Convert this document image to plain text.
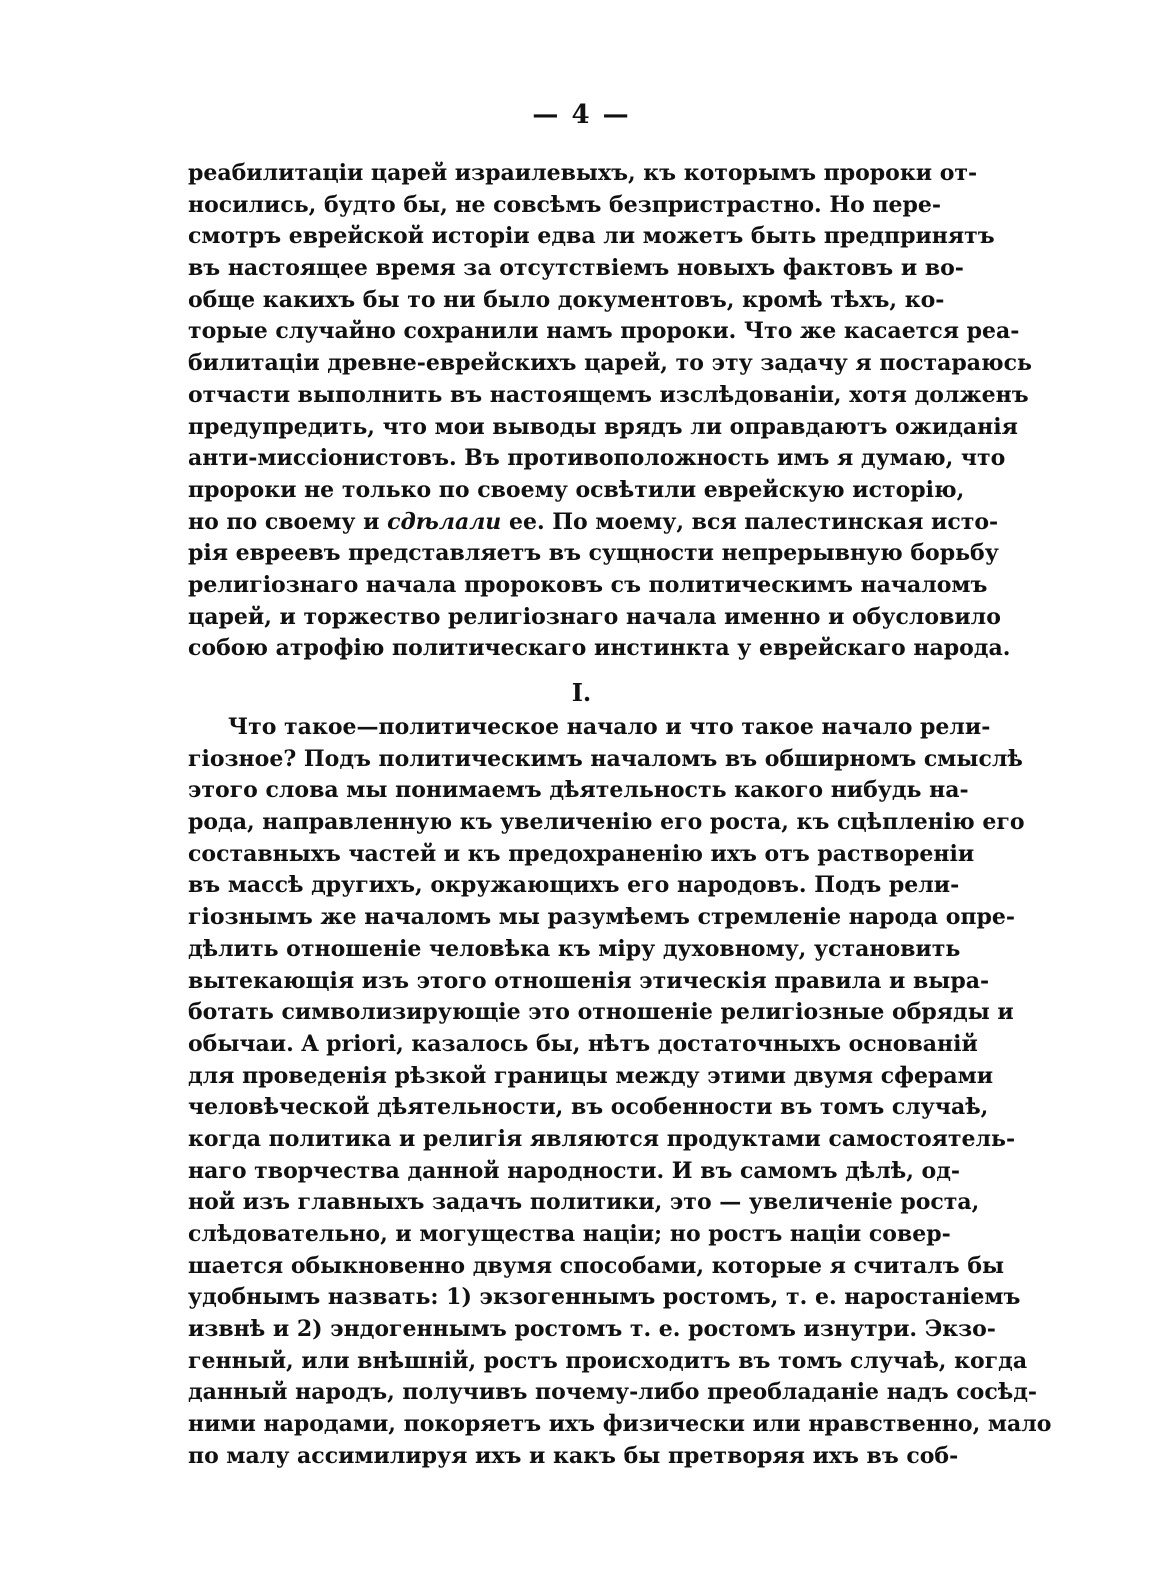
— 4 —
реабилитаціи царей израилевыхъ, къ которымъ пророки от-
носились, будто бы, не совсѣмъ безпристрастно. Но пере-
смотръ еврейской исторіи едва ли можетъ быть предпринятъ
въ настоящее время за отсутствіемъ новыхъ фактовъ и во-
обще какихъ бы то ни было документовъ, кромѣ тѣхъ, ко-
торые случайно сохранили намъ пророки. Что же касается реа-
билитаціи древне-еврейскихъ царей, то эту задачу я постараюсь
отчасти выполнить въ настоящемъ изслѣдованіи, хотя долженъ
предупредить, что мои выводы врядъ ли оправдаютъ ожиданія
анти-миссіонистовъ. Въ противоположность имъ я думаю, что
пророки не только по своему освѣтили еврейскую исторію,
но по своему и сдѣлали ее. По моему, вся палестинская исто-
рія евреевъ представляетъ въ сущности непрерывную борьбу
религіознаго начала пророковъ съ политическимъ началомъ
царей, и торжество религіознаго начала именно и обусловило
собою атрофію политическаго инстинкта у еврейскаго народа.
I.
Что такое—политическое начало и что такое начало рели-
гіозное? Подъ политическимъ началомъ въ обширномъ смыслѣ
этого слова мы понимаемъ дѣятельность какого нибудь на-
рода, направленную къ увеличенію его роста, къ сцѣпленію его
составныхъ частей и къ предохраненію ихъ отъ раствореніи
въ массѣ другихъ, окружающихъ его народовъ. Подъ рели-
гіознымъ же началомъ мы разумѣемъ стремленіе народа опре-
дѣлить отношеніе человѣка къ міру духовному, установить
вытекающія изъ этого отношенія этическія правила и выра-
ботать символизирующіе это отношеніе религіозные обряды и
обычаи. A priori, казалось бы, нѣтъ достаточныхъ основаній
для проведенія рѣзкой границы между этими двумя сферами
человѣческой дѣятельности, въ особенности въ томъ случаѣ,
когда политика и религія являются продуктами самостоятель-
наго творчества данной народности. И въ самомъ дѣлѣ, од-
ной изъ главныхъ задачъ политики, это — увеличеніе роста,
слѣдовательно, и могущества націи; но ростъ націи совер-
шается обыкновенно двумя способами, которые я считалъ бы
удобнымъ назвать: 1) экзогеннымъ ростомъ, т. е. наростаніемъ
извнѣ и 2) эндогеннымъ ростомъ т. е. ростомъ изнутри. Экзо-
генный, или внѣшній, ростъ происходитъ въ томъ случаѣ, когда
данный народъ, получивъ почему-либо преобладаніе надъ сосѣд-
ними народами, покоряетъ ихъ физически или нравственно, мало
по малу ассимилируя ихъ и какъ бы претворяя ихъ въ соб-
